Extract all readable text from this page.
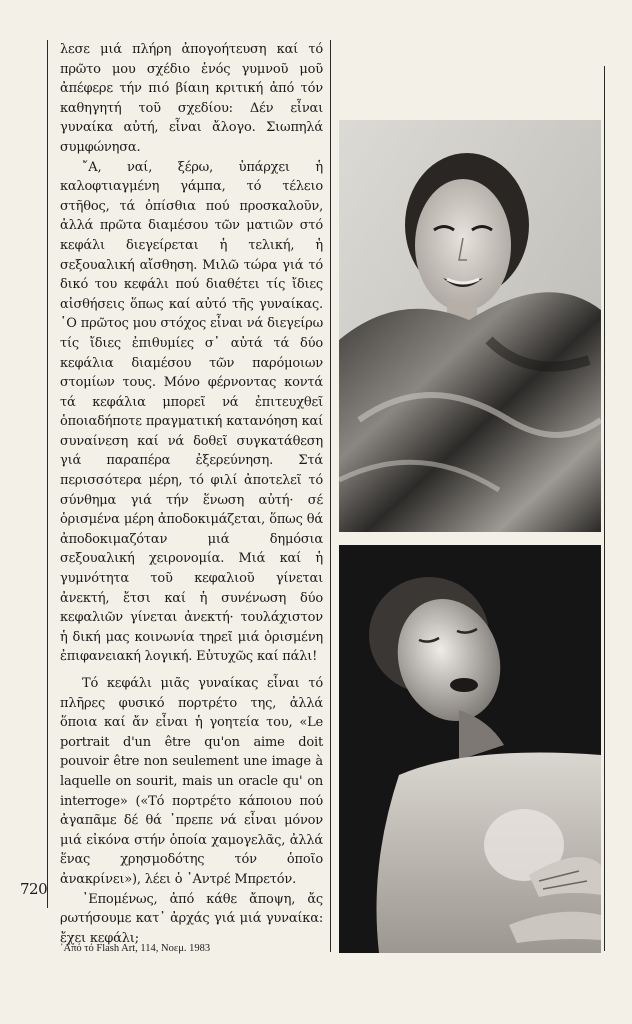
λεσε μιά πλήρη ἀπογοήτευση καί τό πρῶτο μου σχέδιο ἑνός γυμνοῦ μοῦ ἀπέφερε τήν πιό βίαιη κριτική ἀπό τόν καθηγητή τοῦ σχεδίου: Δέν εἶναι γυναίκα αὐτή, εἶναι ἄλογο. Σιωπηλά συμφώνησα.

῎Α, ναί, ξέρω, ὑπάρχει ἡ καλοφτιαγμένη γάμπα, τό τέλειο στῆθος, τά ὀπίσθια πού προσκαλοῦν, ἀλλά πρῶτα διαμέσου τῶν ματιῶν στό κεφάλι διεγείρεται ἡ τελική, ἡ σεξουαλική αἴσθηση. Μιλῶ τώρα γιά τό δικό του κεφάλι πού διαθέτει τίς ἴδιες αἰσθήσεις ὅπως καί αὐτό τῆς γυναίκας. ῾Ο πρῶτος μου στόχος εἶναι νά διεγείρω τίς ἴδιες ἐπιθυμίες σ᾽ αὐτά τά δύο κεφάλια διαμέσου τῶν παρόμοιων στομίων τους. Μόνο φέρνοντας κοντά τά κεφάλια μπορεῖ νά ἐπιτευχθεῖ ὁποιαδήποτε πραγματική κατανόηση καί συναίνεση καί νά δοθεῖ συγκατάθεση γιά παραπέρα ἐξερεύνηση. Στά περισσότερα μέρη, τό φιλί ἀποτελεῖ τό σύνθημα γιά τήν ἕνωση αὐτή· σέ ὁρισμένα μέρη ἀποδοκιμάζεται, ὅπως θά ἀποδοκιμαζόταν μιά δημόσια σεξουαλική χειρονομία. Μιά καί ἡ γυμνότητα τοῦ κεφαλιοῦ γίνεται ἀνεκτή, ἔτσι καί ἡ συνένωση δύο κεφαλιῶν γίνεται ἀνεκτή· τουλάχιστον ἡ δική μας κοινωνία τηρεῖ μιά ὁρισμένη ἐπιφανειακή λογική. Εὐτυχῶς καί πάλι!

Τό κεφάλι μιᾶς γυναίκας εἶναι τό πλῆρες φυσικό πορτρέτο της, ἀλλά ὅποια καί ἄν εἶναι ἡ γοητεία του, «Le portrait d'un être qu'on aime doit pouvoir être non seulement une image à laquelle on sourit, mais un oracle qu' on interroge» («Τό πορτρέτο κάποιου πού ἀγαπᾶμε δέ θά ᾽πρεπε νά εἶναι μόνον μιά εἰκόνα στήν ὁποία χαμογελᾶς, ἀλλά ἕνας χρησμοδότης τόν ὁποῖο ἀνακρίνει»), λέει ὁ ᾽Αντρέ Μπρετόν.

᾽Επομένως, ἀπό κάθε ἄποψη, ἄς ρωτήσουμε κατ᾽ ἀρχάς γιά μιά γυναίκα: ἔχει κεφάλι;

720
᾽Από τό Flash Art, 114, Νοεμ. 1983
